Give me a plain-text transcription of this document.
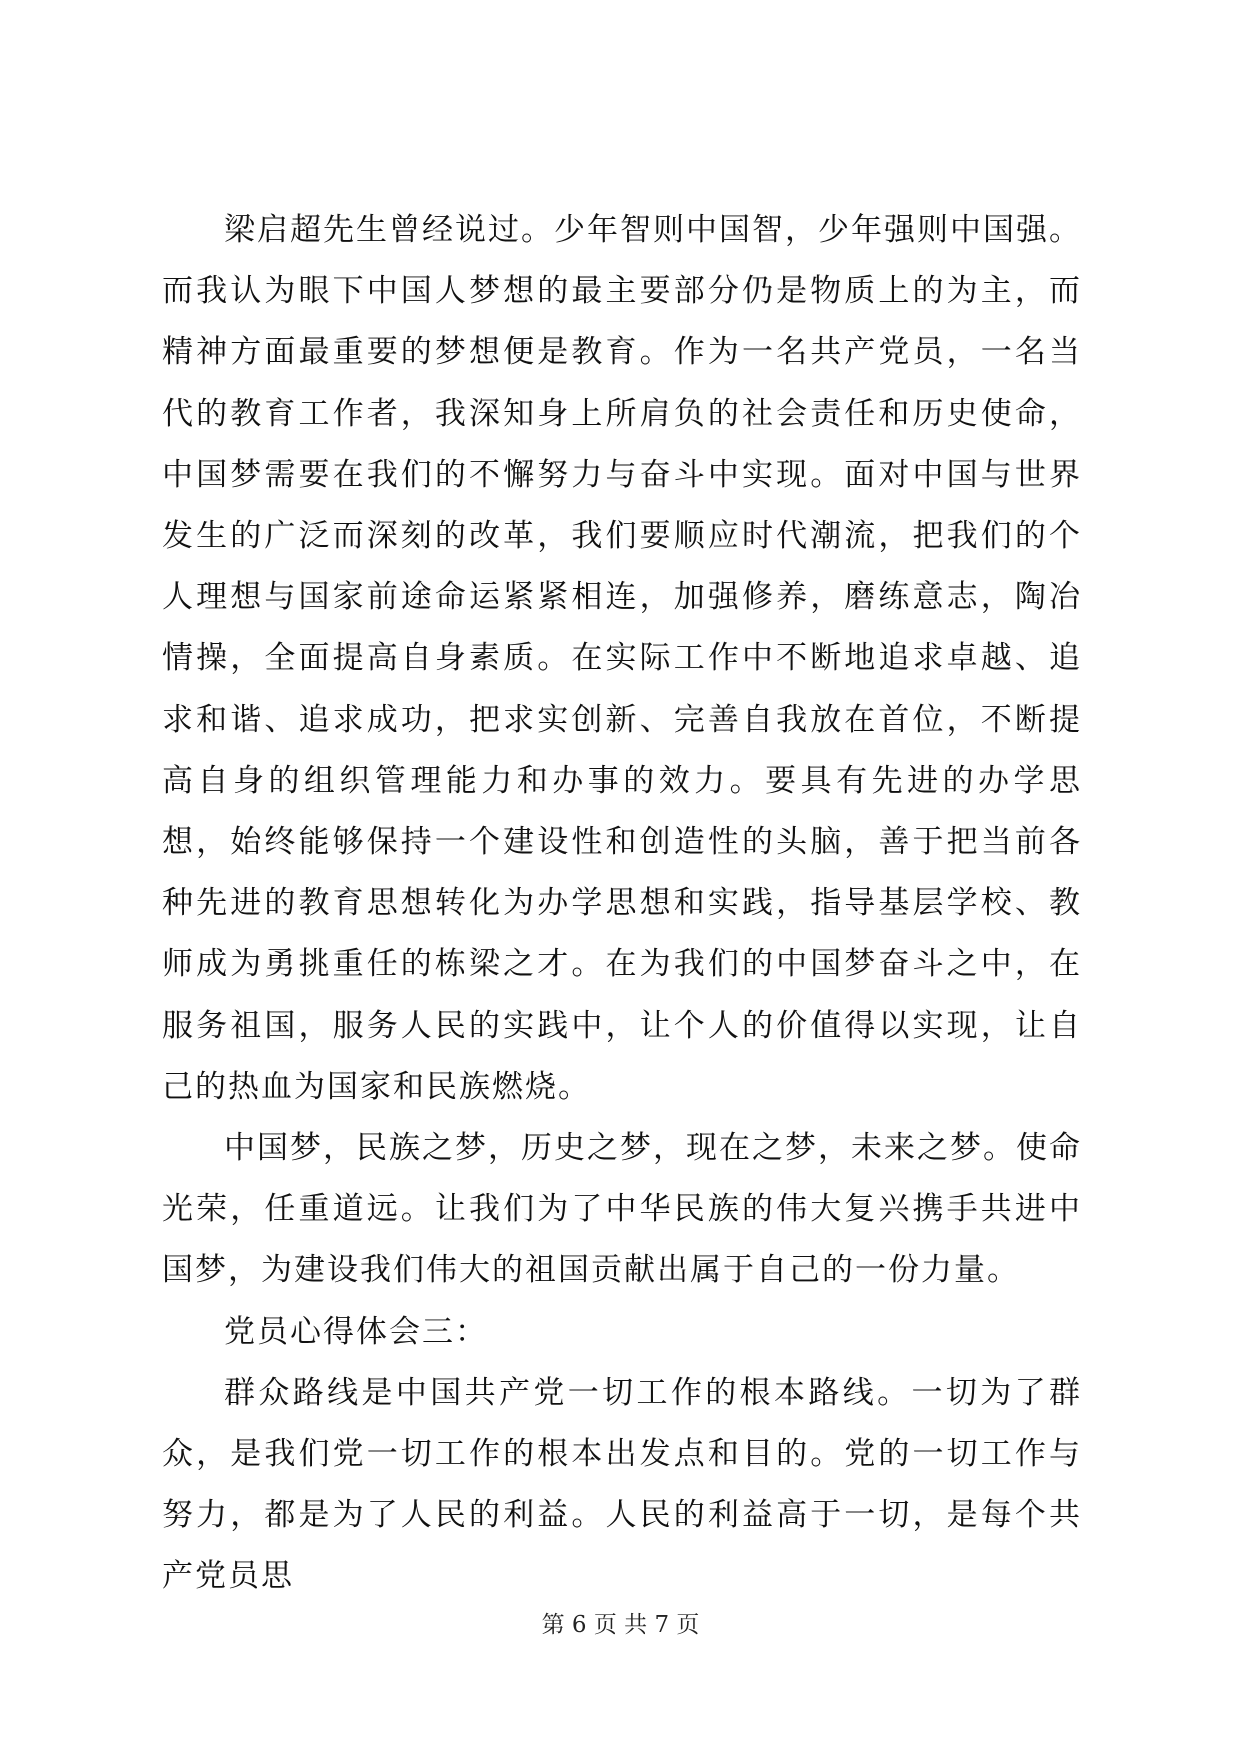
梁启超先生曾经说过。少年智则中国智，少年强则中国强。而我认为眼下中国人梦想的最主要部分仍是物质上的为主，而精神方面最重要的梦想便是教育。作为一名共产党员，一名当代的教育工作者，我深知身上所肩负的社会责任和历史使命，中国梦需要在我们的不懈努力与奋斗中实现。面对中国与世界发生的广泛而深刻的改革，我们要顺应时代潮流，把我们的个人理想与国家前途命运紧紧相连，加强修养，磨练意志，陶冶情操，全面提高自身素质。在实际工作中不断地追求卓越、追求和谐、追求成功，把求实创新、完善自我放在首位，不断提高自身的组织管理能力和办事的效力。要具有先进的办学思想，始终能够保持一个建设性和创造性的头脑，善于把当前各种先进的教育思想转化为办学思想和实践，指导基层学校、教师成为勇挑重任的栋梁之才。在为我们的中国梦奋斗之中，在服务祖国，服务人民的实践中，让个人的价值得以实现，让自己的热血为国家和民族燃烧。

中国梦，民族之梦，历史之梦，现在之梦，未来之梦。使命光荣，任重道远。让我们为了中华民族的伟大复兴携手共进中国梦，为建设我们伟大的祖国贡献出属于自己的一份力量。

党员心得体会三：

群众路线是中国共产党一切工作的根本路线。一切为了群众，是我们党一切工作的根本出发点和目的。党的一切工作与努力，都是为了人民的利益。人民的利益高于一切，是每个共产党员思

第 6 页 共 7 页
